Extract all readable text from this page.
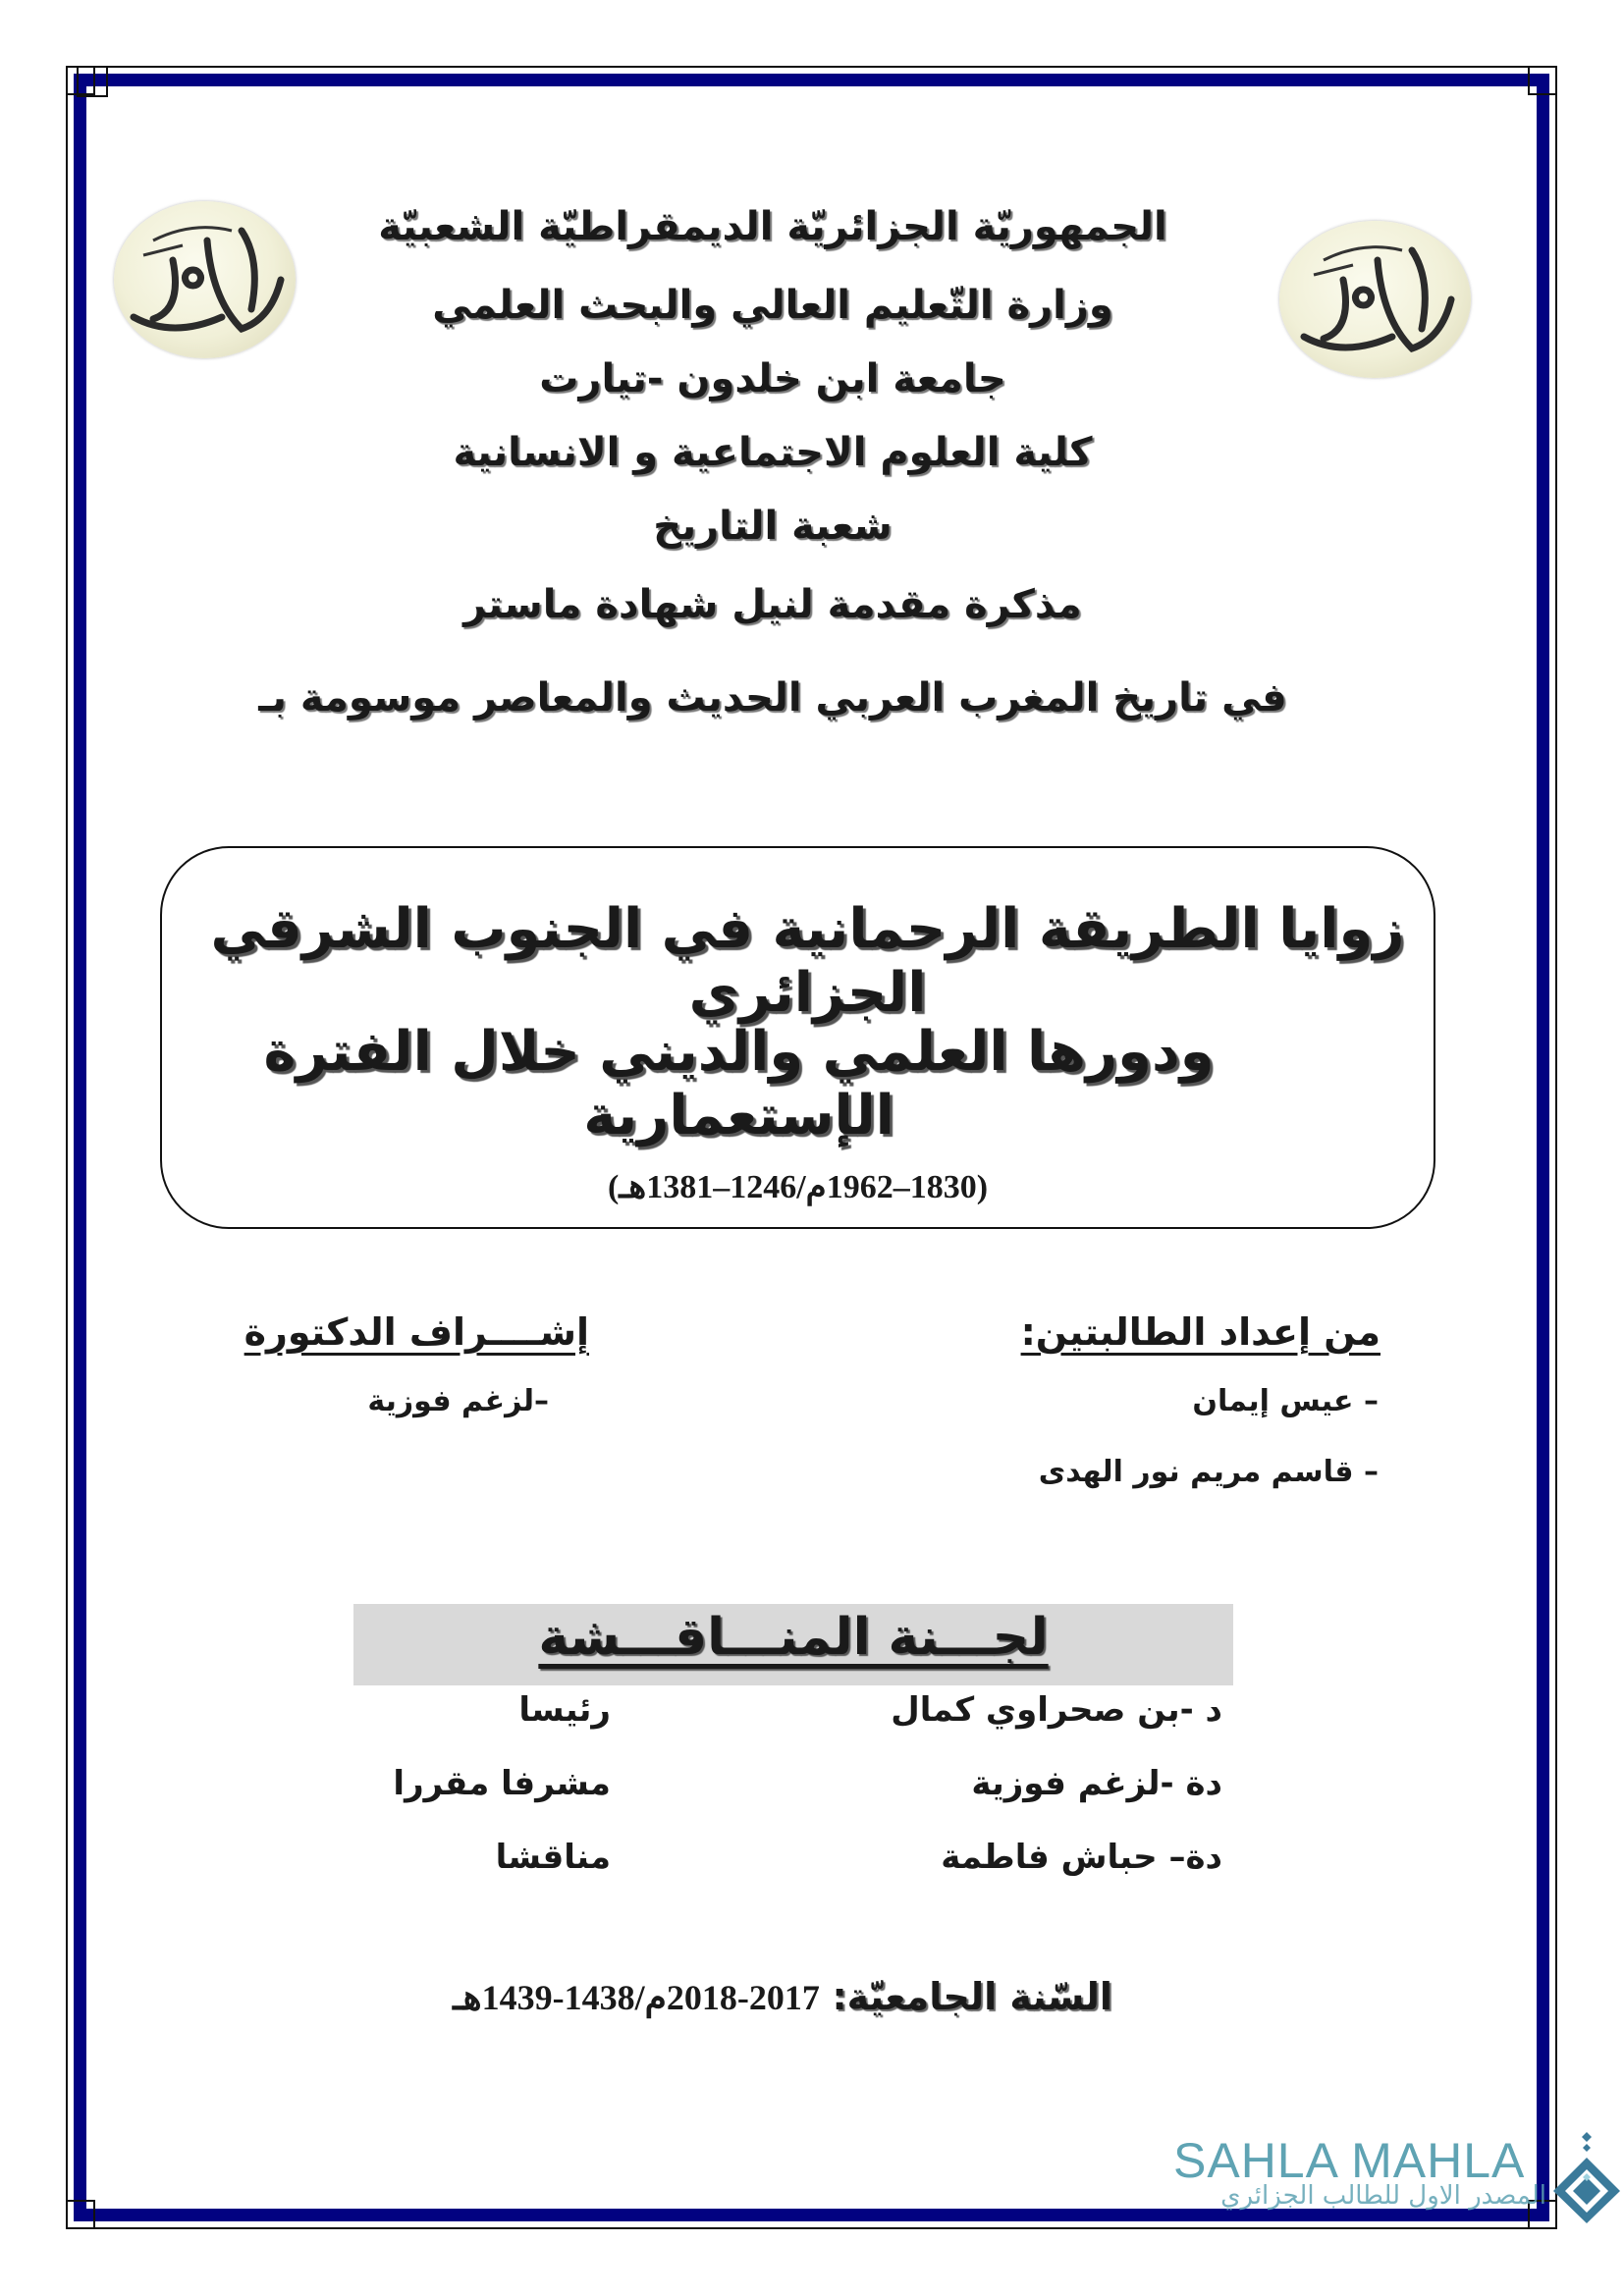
الجمهوريّة الجزائريّة الديمقراطيّة الشعبيّة
وزارة التّعليم العالي والبحث العلمي
جامعة ابن خلدون -تيارت
كلية العلوم الاجتماعية و الانسانية
شعبة التاريخ
مذكرة مقدمة لنيل شهادة ماستر
في تاريخ المغرب العربي الحديث والمعاصر موسومة بـ
زوايا الطريقة الرحمانية في الجنوب الشرقي الجزائري
ودورها العلمي والديني خلال الفترة الإستعمارية
(1830–1962م/1246–1381هـ)
من إعداد الطالبتين:
– عيس إيمان
– قاسم مريم نور الهدى
إشــــراف الدكتورة
–لزغم فوزية
لجـــنة المنـــاقـــشة
د -بن صحراوي كمال
رئيسا
دة -لزغم فوزية
مشرفا مقررا
دة– حباش فاطمة
مناقشا
السّنة الجامعيّة: 2017-2018م/1438-1439هـ
SAHLA MAHLA
المصدر الاول للطالب الجزائري
